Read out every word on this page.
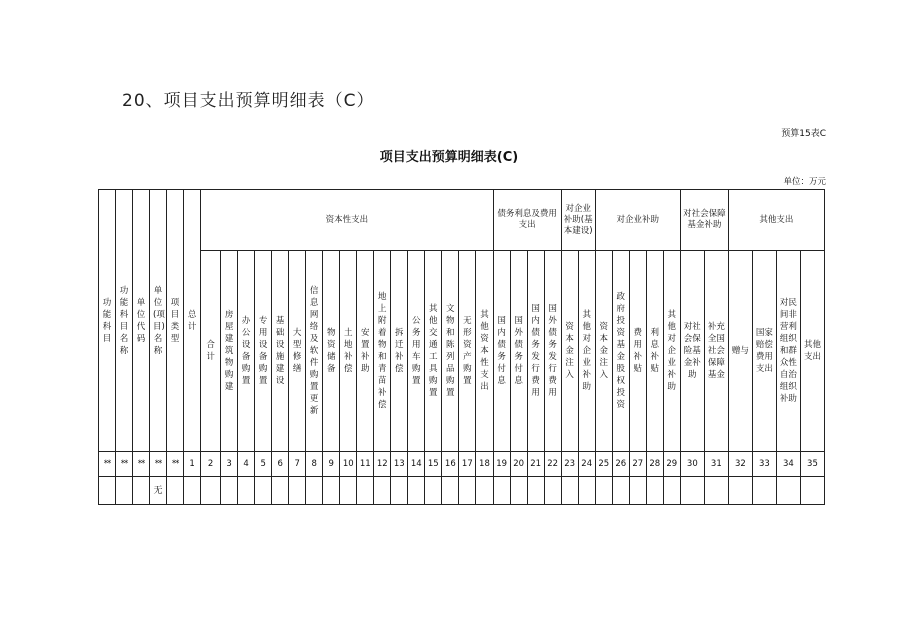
20、项目支出预算明细表（C）
预算15表C
项目支出预算明细表(C)
单位：万元
功能科目	功能科目名称	单位代码	单位(项目)名称	项目类型	总计	资本性支出																	债务利息及费用支出				对企业补助(基本建设)		对企业补助					对社会保障基金补助		其他支出			
						合计	房屋建筑物购建	办公设备购置	专用设备购置	基础设施建设	大型修缮	信息网络及软件购置更新	物资储备	土地补偿	安置补助	地上附着物和青苗补偿	拆迁补偿	公务用车购置	其他交通工具购置	文物和陈列品购置	无形资产购置	其他资本性支出	国内债务付息	国外债务付息	国内债务发行费用	国外债务发行费用	资本金注入	其他对企业补助	资本金注入	政府投资基金股权投资	费用补贴	利息补贴	其他对企业补助	对社会保险基金补助	补充全国社会保障基金	赠与	国家赔偿费用支出	对民间非营利组织和群众性自治组织补助	其他支出
**	**	**	**	**	1	2	3	4	5	6	7	8	9	10	11	12	13	14	15	16	17	18	19	20	21	22	23	24	25	26	27	28	29	30	31	32	33	34	35
			无																																				
